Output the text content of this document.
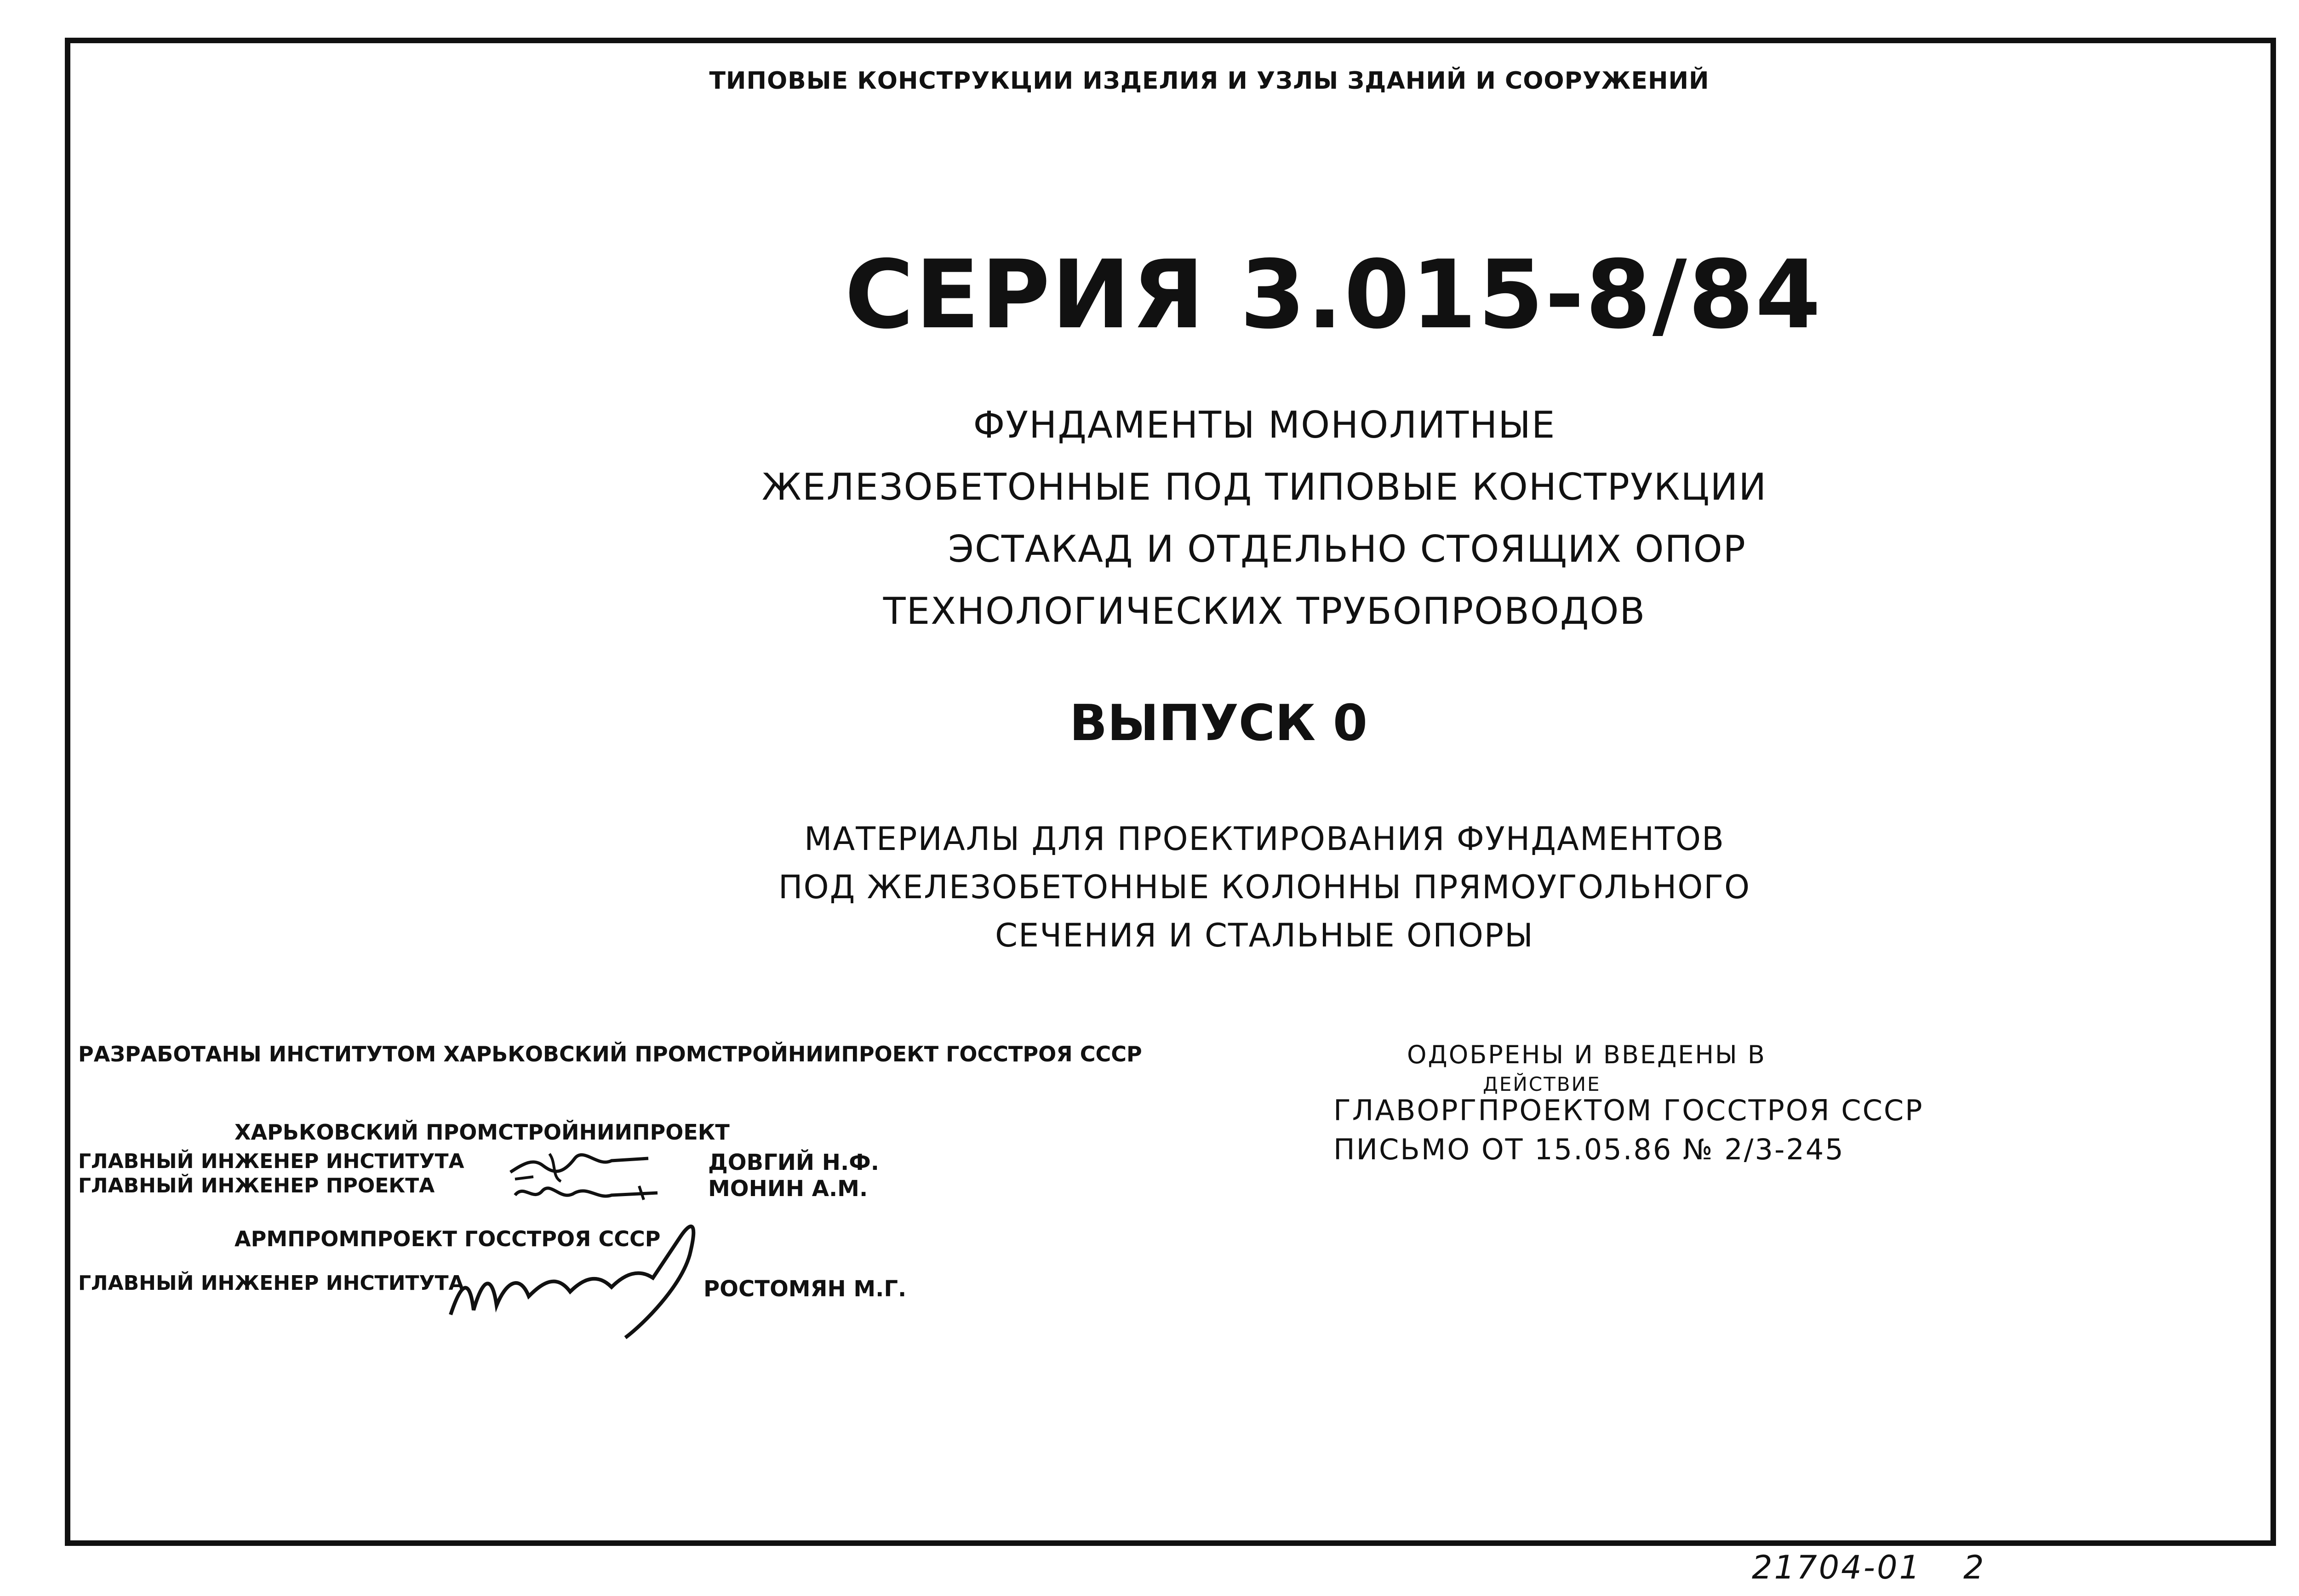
ТИПОВЫЕ КОНСТРУКЦИИ ИЗДЕЛИЯ И УЗЛЫ ЗДАНИЙ И СООРУЖЕНИЙ
СЕРИЯ 3.015-8/84
ФУНДАМЕНТЫ МОНОЛИТНЫЕ
ЖЕЛЕЗОБЕТОННЫЕ ПОД ТИПОВЫЕ КОНСТРУКЦИИ
ЭСТАКАД И ОТДЕЛЬНО СТОЯЩИХ ОПОР
ТЕХНОЛОГИЧЕСКИХ ТРУБОПРОВОДОВ
ВЫПУСК 0
МАТЕРИАЛЫ ДЛЯ ПРОЕКТИРОВАНИЯ ФУНДАМЕНТОВ
ПОД ЖЕЛЕЗОБЕТОННЫЕ КОЛОННЫ ПРЯМОУГОЛЬНОГО
СЕЧЕНИЯ И СТАЛЬНЫЕ ОПОРЫ
РАЗРАБОТАНЫ ИНСТИТУТОМ ХАРЬКОВСКИЙ ПРОМСТРОЙНИИПРОЕКТ ГОССТРОЯ СССР
ХАРЬКОВСКИЙ ПРОМСТРОЙНИИПРОЕКТ
ГЛАВНЫЙ ИНЖЕНЕР ИНСТИТУТА	ДОВГИЙ Н.Ф.
ГЛАВНЫЙ ИНЖЕНЕР ПРОЕКТА	МОНИН А.М.
АРМПРОМПРОЕКТ ГОССТРОЯ СССР
ГЛАВНЫЙ ИНЖЕНЕР ИНСТИТУТА	РОСТОМЯН М.Г.
ОДОБРЕНЫ И ВВЕДЕНЫ В
ДЕЙСТВИЕ
ГЛАВОРГПРОЕКТОМ ГОССТРОЯ СССР
ПИСЬМО ОТ 15.05.86 № 2/3-245
21704-01 2
